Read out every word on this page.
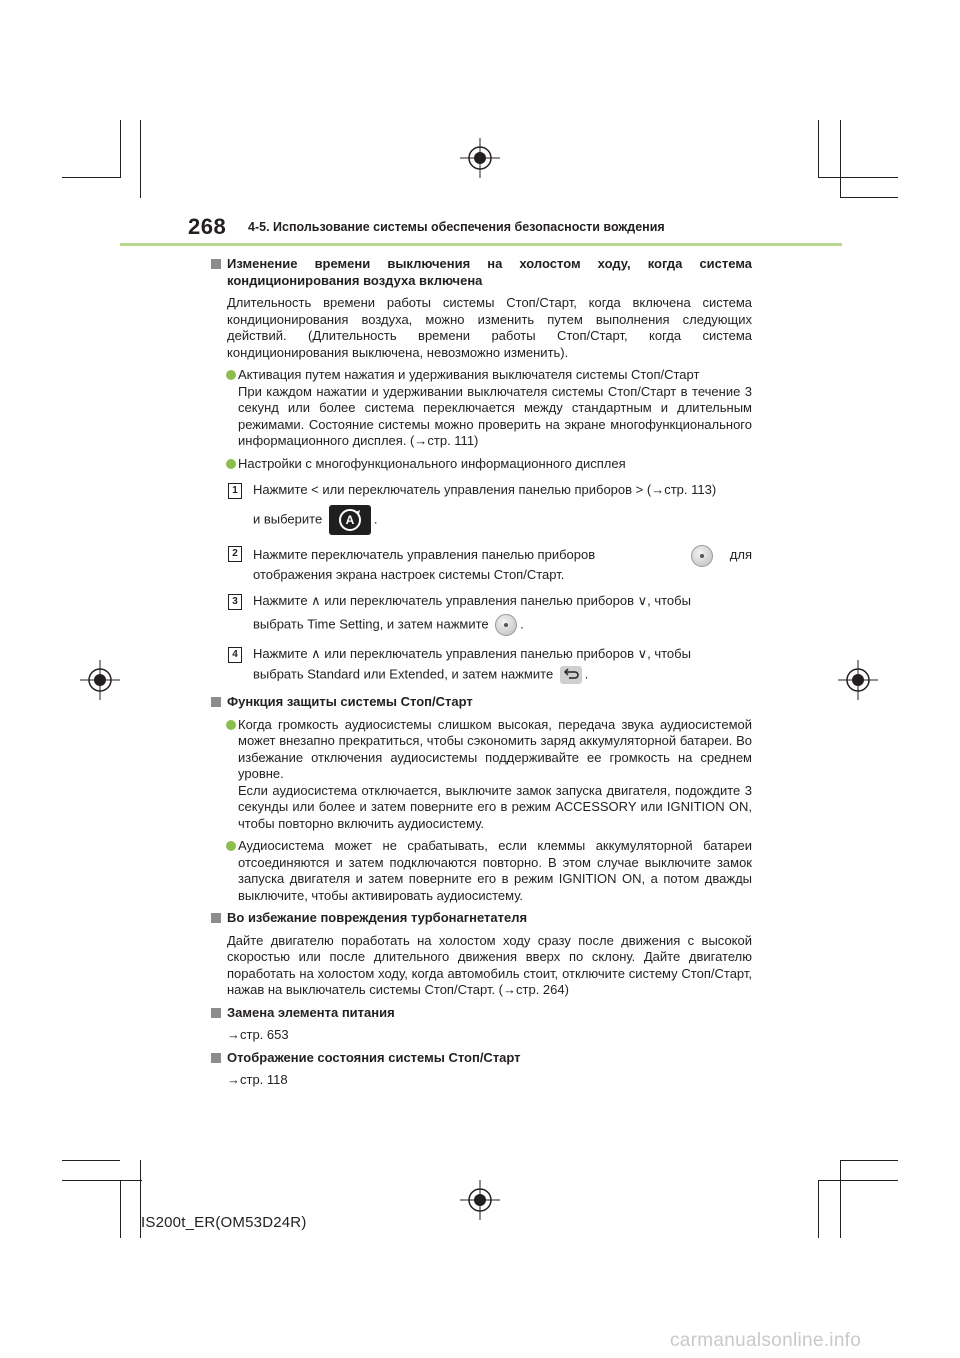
268 4-5. Использование системы обеспечения безопасности вождения
Изменение времени выключения на холостом ходу, когда система кондиционирования воздуха включена
Длительность времени работы системы Стоп/Старт, когда включена система кондиционирования воздуха, можно изменить путем выполнения следующих действий. (Длительность времени работы Стоп/Старт, когда система кондиционирования выключена, невозможно изменить).
Активация путем нажатия и удерживания выключателя системы Стоп/Старт
При каждом нажатии и удерживании выключателя системы Стоп/Старт в течение 3 секунд или более система переключается между стандартным и длительным режимами. Состояние системы можно проверить на экране многофункционального информационного дисплея. (→стр. 111)
Настройки с многофункционального информационного дисплея
1	Нажмите < или переключатель управления панелью приборов > (→стр. 113)
и выберите A .
2	Нажмите переключатель управления панелью приборов	для
отображения экрана настроек системы Стоп/Старт.
3	Нажмите ∧ или переключатель управления панелью приборов ∨, чтобы
выбрать Time Setting, и затем нажмите .
4	Нажмите ∧ или переключатель управления панелью приборов ∨, чтобы
выбрать Standard или Extended, и затем нажмите .
Функция защиты системы Стоп/Старт
Когда громкость аудиосистемы слишком высокая, передача звука аудиосистемой может внезапно прекратиться, чтобы сэкономить заряд аккумуляторной батареи. Во избежание отключения аудиосистемы поддерживайте ее громкость на среднем уровне.
Если аудиосистема отключается, выключите замок запуска двигателя, подождите 3 секунды или более и затем поверните его в режим ACCESSORY или IGNITION ON, чтобы повторно включить аудиосистему.
Аудиосистема может не срабатывать, если клеммы аккумуляторной батареи отсоединяются и затем подключаются повторно. В этом случае выключите замок запуска двигателя и затем поверните его в режим IGNITION ON, а потом дважды выключите, чтобы активировать аудиосистему.
Во избежание повреждения турбонагнетателя
Дайте двигателю поработать на холостом ходу сразу после движения с высокой скоростью или после длительного движения вверх по склону. Дайте двигателю поработать на холостом ходу, когда автомобиль стоит, отключите систему Стоп/Старт, нажав на выключатель системы Стоп/Старт. (→стр. 264)
Замена элемента питания
→стр. 653
Отображение состояния системы Стоп/Старт
→стр. 118
IS200t_ER(OM53D24R)
carmanualsonline.info
